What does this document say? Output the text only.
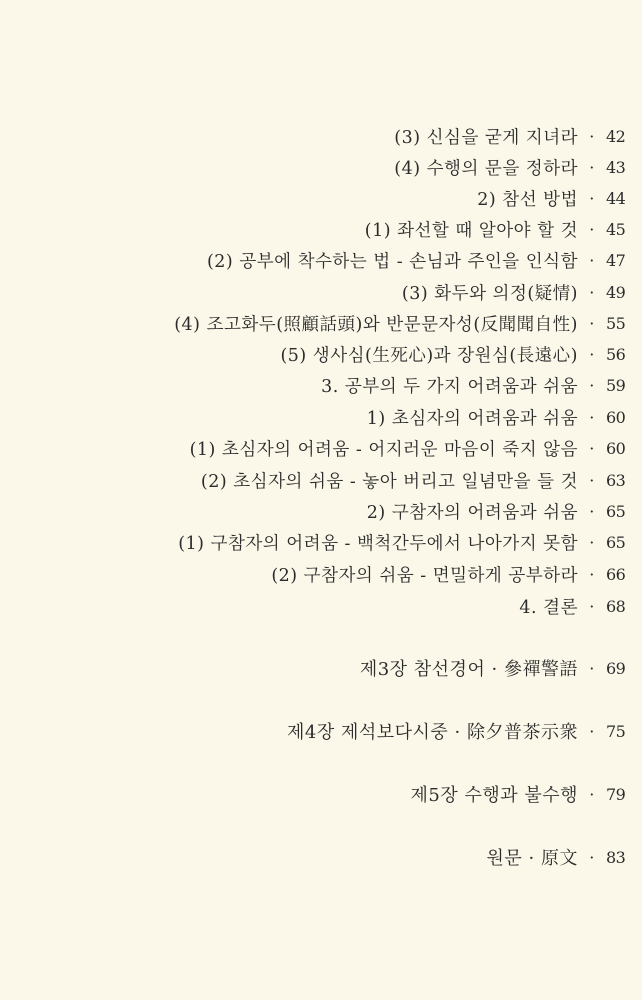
(3) 신심을 굳게 지녀라 · 42
(4) 수행의 문을 정하라 · 43
2) 참선 방법 · 44
(1) 좌선할 때 알아야 할 것 · 45
(2) 공부에 착수하는 법 - 손님과 주인을 인식함 · 47
(3) 화두와 의정(疑情) · 49
(4) 조고화두(照顧話頭)와 반문문자성(反聞聞自性) · 55
(5) 생사심(生死心)과 장원심(長遠心) · 56
3. 공부의 두 가지 어려움과 쉬움 · 59
1) 초심자의 어려움과 쉬움 · 60
(1) 초심자의 어려움 - 어지러운 마음이 죽지 않음 · 60
(2) 초심자의 쉬움 - 놓아 버리고 일념만을 들 것 · 63
2) 구참자의 어려움과 쉬움 · 65
(1) 구참자의 어려움 - 백척간두에서 나아가지 못함 · 65
(2) 구참자의 쉬움 - 면밀하게 공부하라 · 66
4. 결론 · 68
제3장 참선경어 · 參禪警語 · 69
제4장 제석보다시중 · 除夕普茶示衆 · 75
제5장 수행과 불수행 · 79
원문 · 原文 · 83
